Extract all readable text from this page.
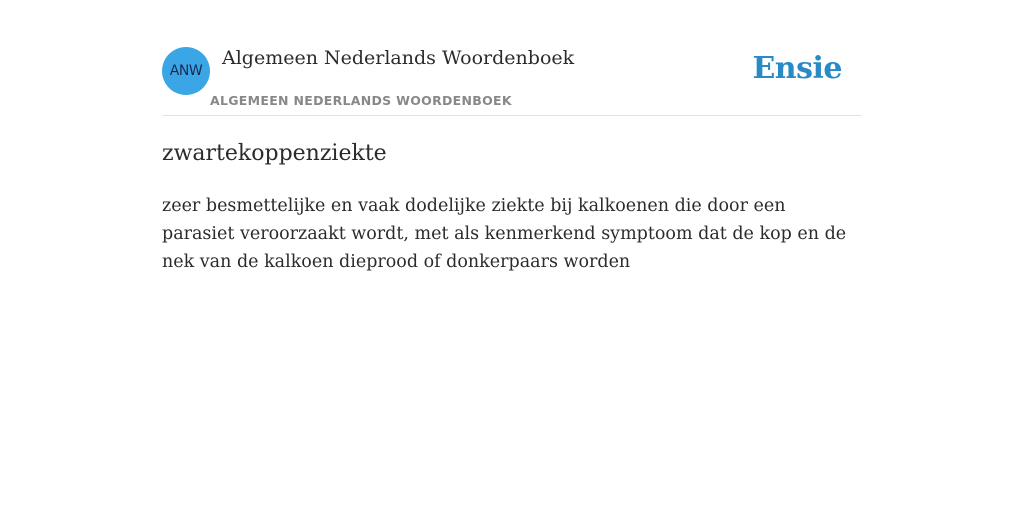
ANW
Algemeen Nederlands Woordenboek
ALGEMEEN NEDERLANDS WOORDENBOEK
Ensie
zwartekoppenziekte
zeer besmettelijke en vaak dodelijke ziekte bij kalkoenen die door een parasiet veroorzaakt wordt, met als kenmerkend symptoom dat de kop en de nek van de kalkoen dieprood of donkerpaars worden
